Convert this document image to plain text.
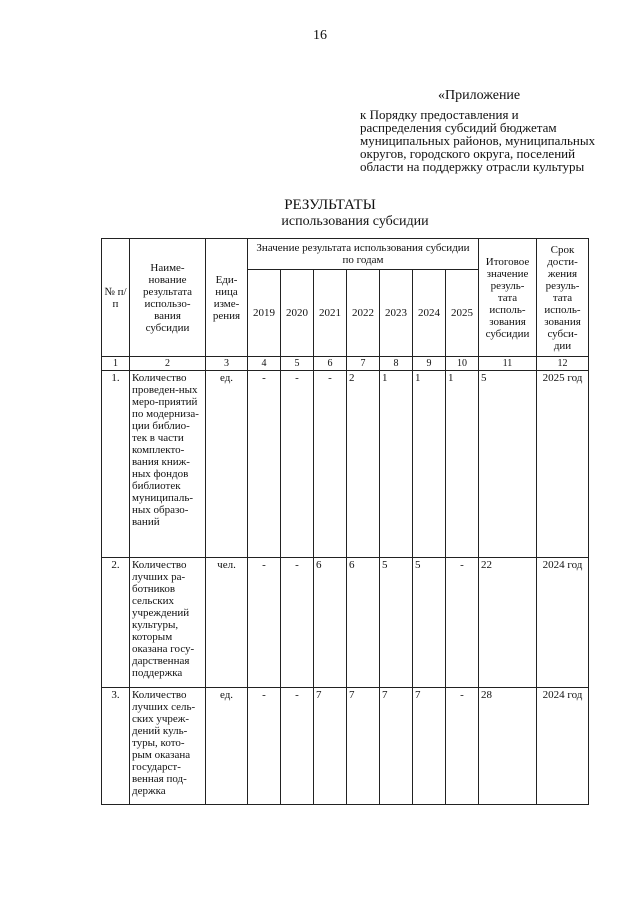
16
«Приложение
к Порядку предоставления и распределения субсидий бюджетам муниципальных районов, муниципальных округов, городского округа, поселений области на поддержку отрасли культуры
РЕЗУЛЬТАТЫ
использования субсидии
№ п/п	Наиме-нование результата использо-вания субсидии	Еди-ница изме-рения	Значение результата использования субсидии по годам							Итоговое значение резуль-тата исполь-зования субсидии	Срок дости-жения резуль-тата исполь-зования субси-дии
			2019	2020	2021	2022	2023	2024	2025		
1	2	3	4	5	6	7	8	9	10	11	12
1.	Количество проведен-ных меро-приятий по модерниза-ции библио-тек в части комплекто-вания книж-ных фондов библиотек муниципаль-ных образо-ваний	ед.	-	-	-	2	1	1	1	5	2025 год
2.	Количество лучших ра-ботников сельских учреждений культуры, которым оказана госу-дарственная поддержка	чел.	-	-	6	6	5	5	-	22	2024 год
3.	Количество лучших сель-ских учреж-дений куль-туры, кото-рым оказана государст-венная под-держка	ед.	-	-	7	7	7	7	-	28	2024 год
